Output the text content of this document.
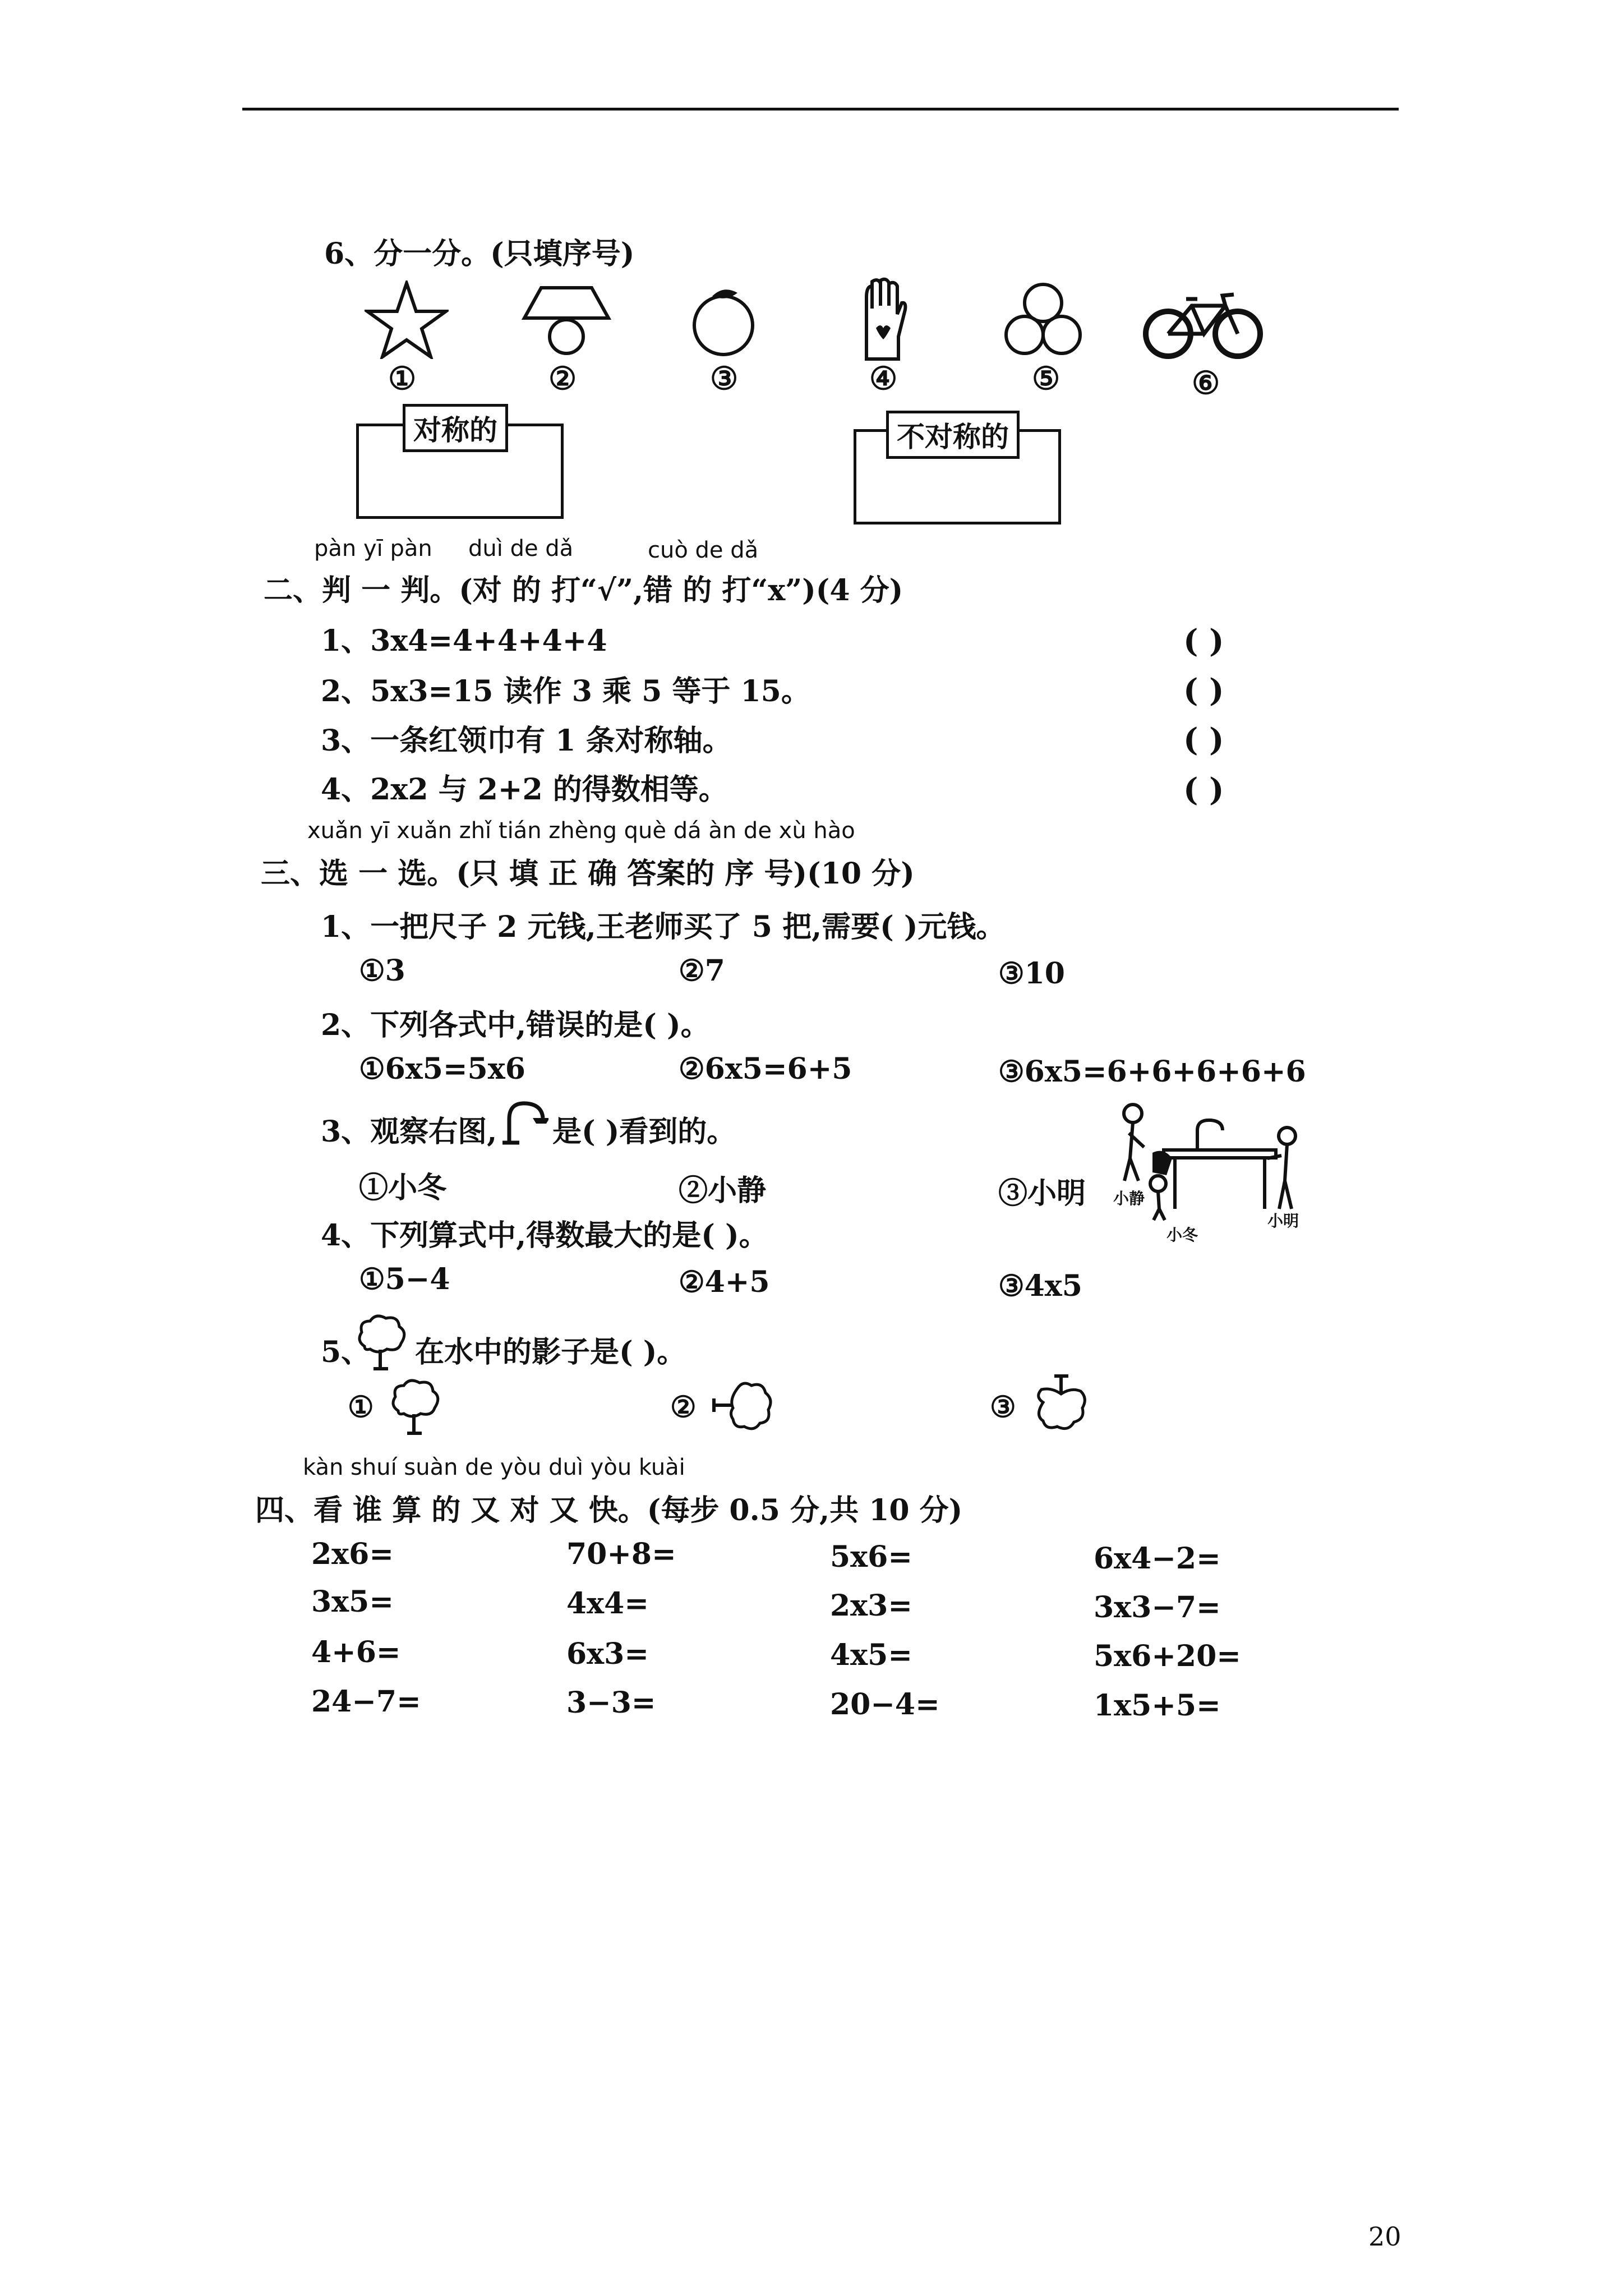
6、分一分。(只填序号)
①	②	③	④	⑤	⑥
对称的	不对称的
pàn yī pàn duì de dǎ	cuò de dǎ
二、判 一 判。(对 的 打“√”,错 的 打“x”)(4 分)
1、3x4=4+4+4+4	( )
2、5x3=15 读作 3 乘 5 等于 15。	( )
3、一条红领巾有 1 条对称轴。	( )
4、2x2 与 2+2 的得数相等。	( )
xuǎn yī xuǎn zhǐ tián zhèng què dá àn de xù hào
三、选 一 选。(只 填 正 确 答案的 序 号)(10 分)
1、一把尺子 2 元钱,王老师买了 5 把,需要( )元钱。
①3	②7	③10
2、下列各式中,错误的是( )。
①6x5=5x6	②6x5=6+5	③6x5=6+6+6+6+6
3、观察右图, 是( )看到的。
①小冬	②小静	③小明 小静
小冬
小明
4、下列算式中,得数最大的是( )。
①5−4	②4+5	③4x5
5、 在水中的影子是( )。
①	②	③
kàn shuí suàn de yòu duì yòu kuài
四、看 谁 算 的 又 对 又 快。(每步 0.5 分,共 10 分)
2x6=	70+8=	5x6=	6x4−2=
3x5=	4x4=	2x3=	3x3−7=
4+6=	6x3=	4x5=	5x6+20=
24−7=	3−3=	20−4=	1x5+5=
20
